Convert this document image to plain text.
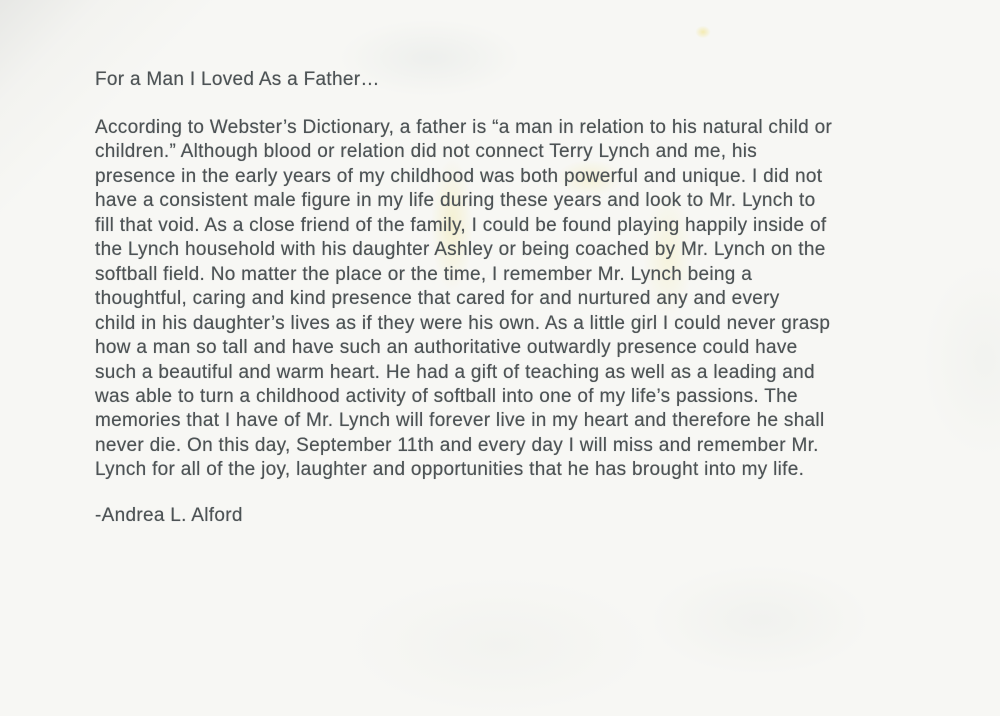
For a Man I Loved As a Father…
According to Webster’s Dictionary, a father is “a man in relation to his natural child or
children.” Although blood or relation did not connect Terry Lynch and me, his
presence in the early years of my childhood was both powerful and unique. I did not
have a consistent male figure in my life during these years and look to Mr. Lynch to
fill that void. As a close friend of the family, I could be found playing happily inside of
the Lynch household with his daughter Ashley or being coached by Mr. Lynch on the
softball field. No matter the place or the time, I remember Mr. Lynch being a
thoughtful, caring and kind presence that cared for and nurtured any and every
child in his daughter’s lives as if they were his own. As a little girl I could never grasp
how a man so tall and have such an authoritative outwardly presence could have
such a beautiful and warm heart. He had a gift of teaching as well as a leading and
was able to turn a childhood activity of softball into one of my life’s passions. The
memories that I have of Mr. Lynch will forever live in my heart and therefore he shall
never die. On this day, September 11th and every day I will miss and remember Mr.
Lynch for all of the joy, laughter and opportunities that he has brought into my life.
-Andrea L. Alford
